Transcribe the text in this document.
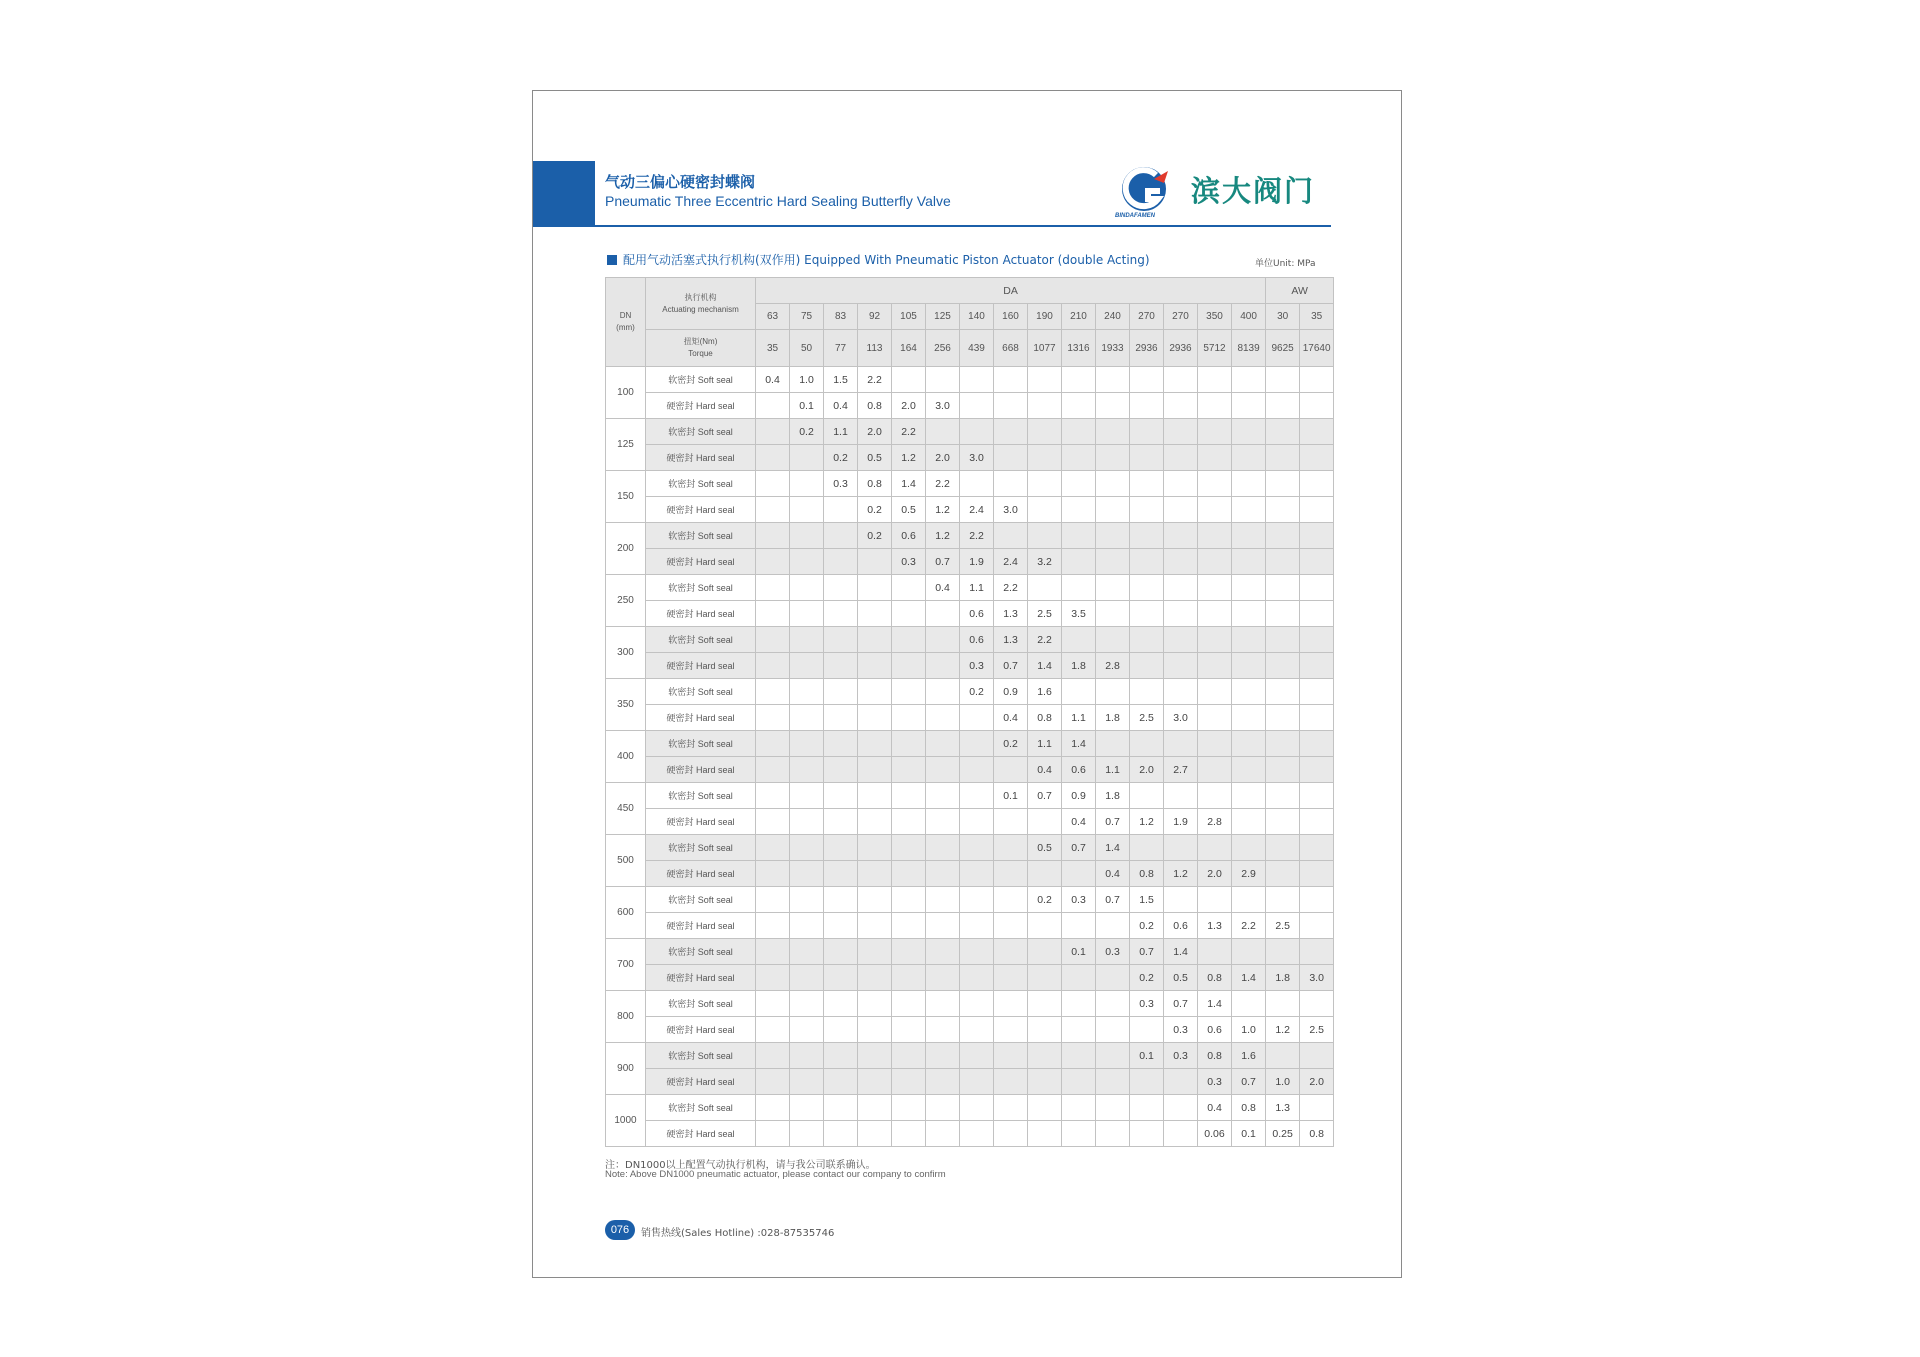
气动三偏心硬密封蝶阀
Pneumatic Three Eccentric Hard Sealing Butterfly Valve	滨大阀门
BINDAFAMEN
配用气动活塞式执行机构(双作用) Equipped With Pneumatic Piston Actuator (double Acting)	单位Unit: MPa
DN
(mm)	执行机构
Actuating mechanism	DA															AW	
		63	75	83	92	105	125	140	160	190	210	240	270	270	350	400	30	35
	扭矩(Nm)
Torque	35	50	77	113	164	256	439	668	1077	1316	1933	2936	2936	5712	8139	9625	17640
100	软密封 Soft seal	0.4	1.0	1.5	2.2													
	硬密封 Hard seal		0.1	0.4	0.8	2.0	3.0											
125	软密封 Soft seal		0.2	1.1	2.0	2.2												
	硬密封 Hard seal			0.2	0.5	1.2	2.0	3.0										
150	软密封 Soft seal			0.3	0.8	1.4	2.2											
	硬密封 Hard seal				0.2	0.5	1.2	2.4	3.0									
200	软密封 Soft seal				0.2	0.6	1.2	2.2										
	硬密封 Hard seal					0.3	0.7	1.9	2.4	3.2								
250	软密封 Soft seal						0.4	1.1	2.2									
	硬密封 Hard seal							0.6	1.3	2.5	3.5							
300	软密封 Soft seal							0.6	1.3	2.2								
	硬密封 Hard seal							0.3	0.7	1.4	1.8	2.8						
350	软密封 Soft seal							0.2	0.9	1.6								
	硬密封 Hard seal								0.4	0.8	1.1	1.8	2.5	3.0				
400	软密封 Soft seal								0.2	1.1	1.4							
	硬密封 Hard seal									0.4	0.6	1.1	2.0	2.7				
450	软密封 Soft seal								0.1	0.7	0.9	1.8						
	硬密封 Hard seal										0.4	0.7	1.2	1.9	2.8			
500	软密封 Soft seal									0.5	0.7	1.4						
	硬密封 Hard seal											0.4	0.8	1.2	2.0	2.9		
600	软密封 Soft seal									0.2	0.3	0.7	1.5					
	硬密封 Hard seal												0.2	0.6	1.3	2.2	2.5	
700	软密封 Soft seal										0.1	0.3	0.7	1.4				
	硬密封 Hard seal												0.2	0.5	0.8	1.4	1.8	3.0
800	软密封 Soft seal												0.3	0.7	1.4			
	硬密封 Hard seal													0.3	0.6	1.0	1.2	2.5
900	软密封 Soft seal												0.1	0.3	0.8	1.6		
	硬密封 Hard seal														0.3	0.7	1.0	2.0
1000	软密封 Soft seal														0.4	0.8	1.3	
	硬密封 Hard seal														0.06	0.1	0.25	0.8
注：DN1000以上配置气动执行机构，请与我公司联系确认。
Note: Above DN1000 pneumatic actuator, please contact our company to confirm
076	销售热线(Sales Hotline) :028-87535746
